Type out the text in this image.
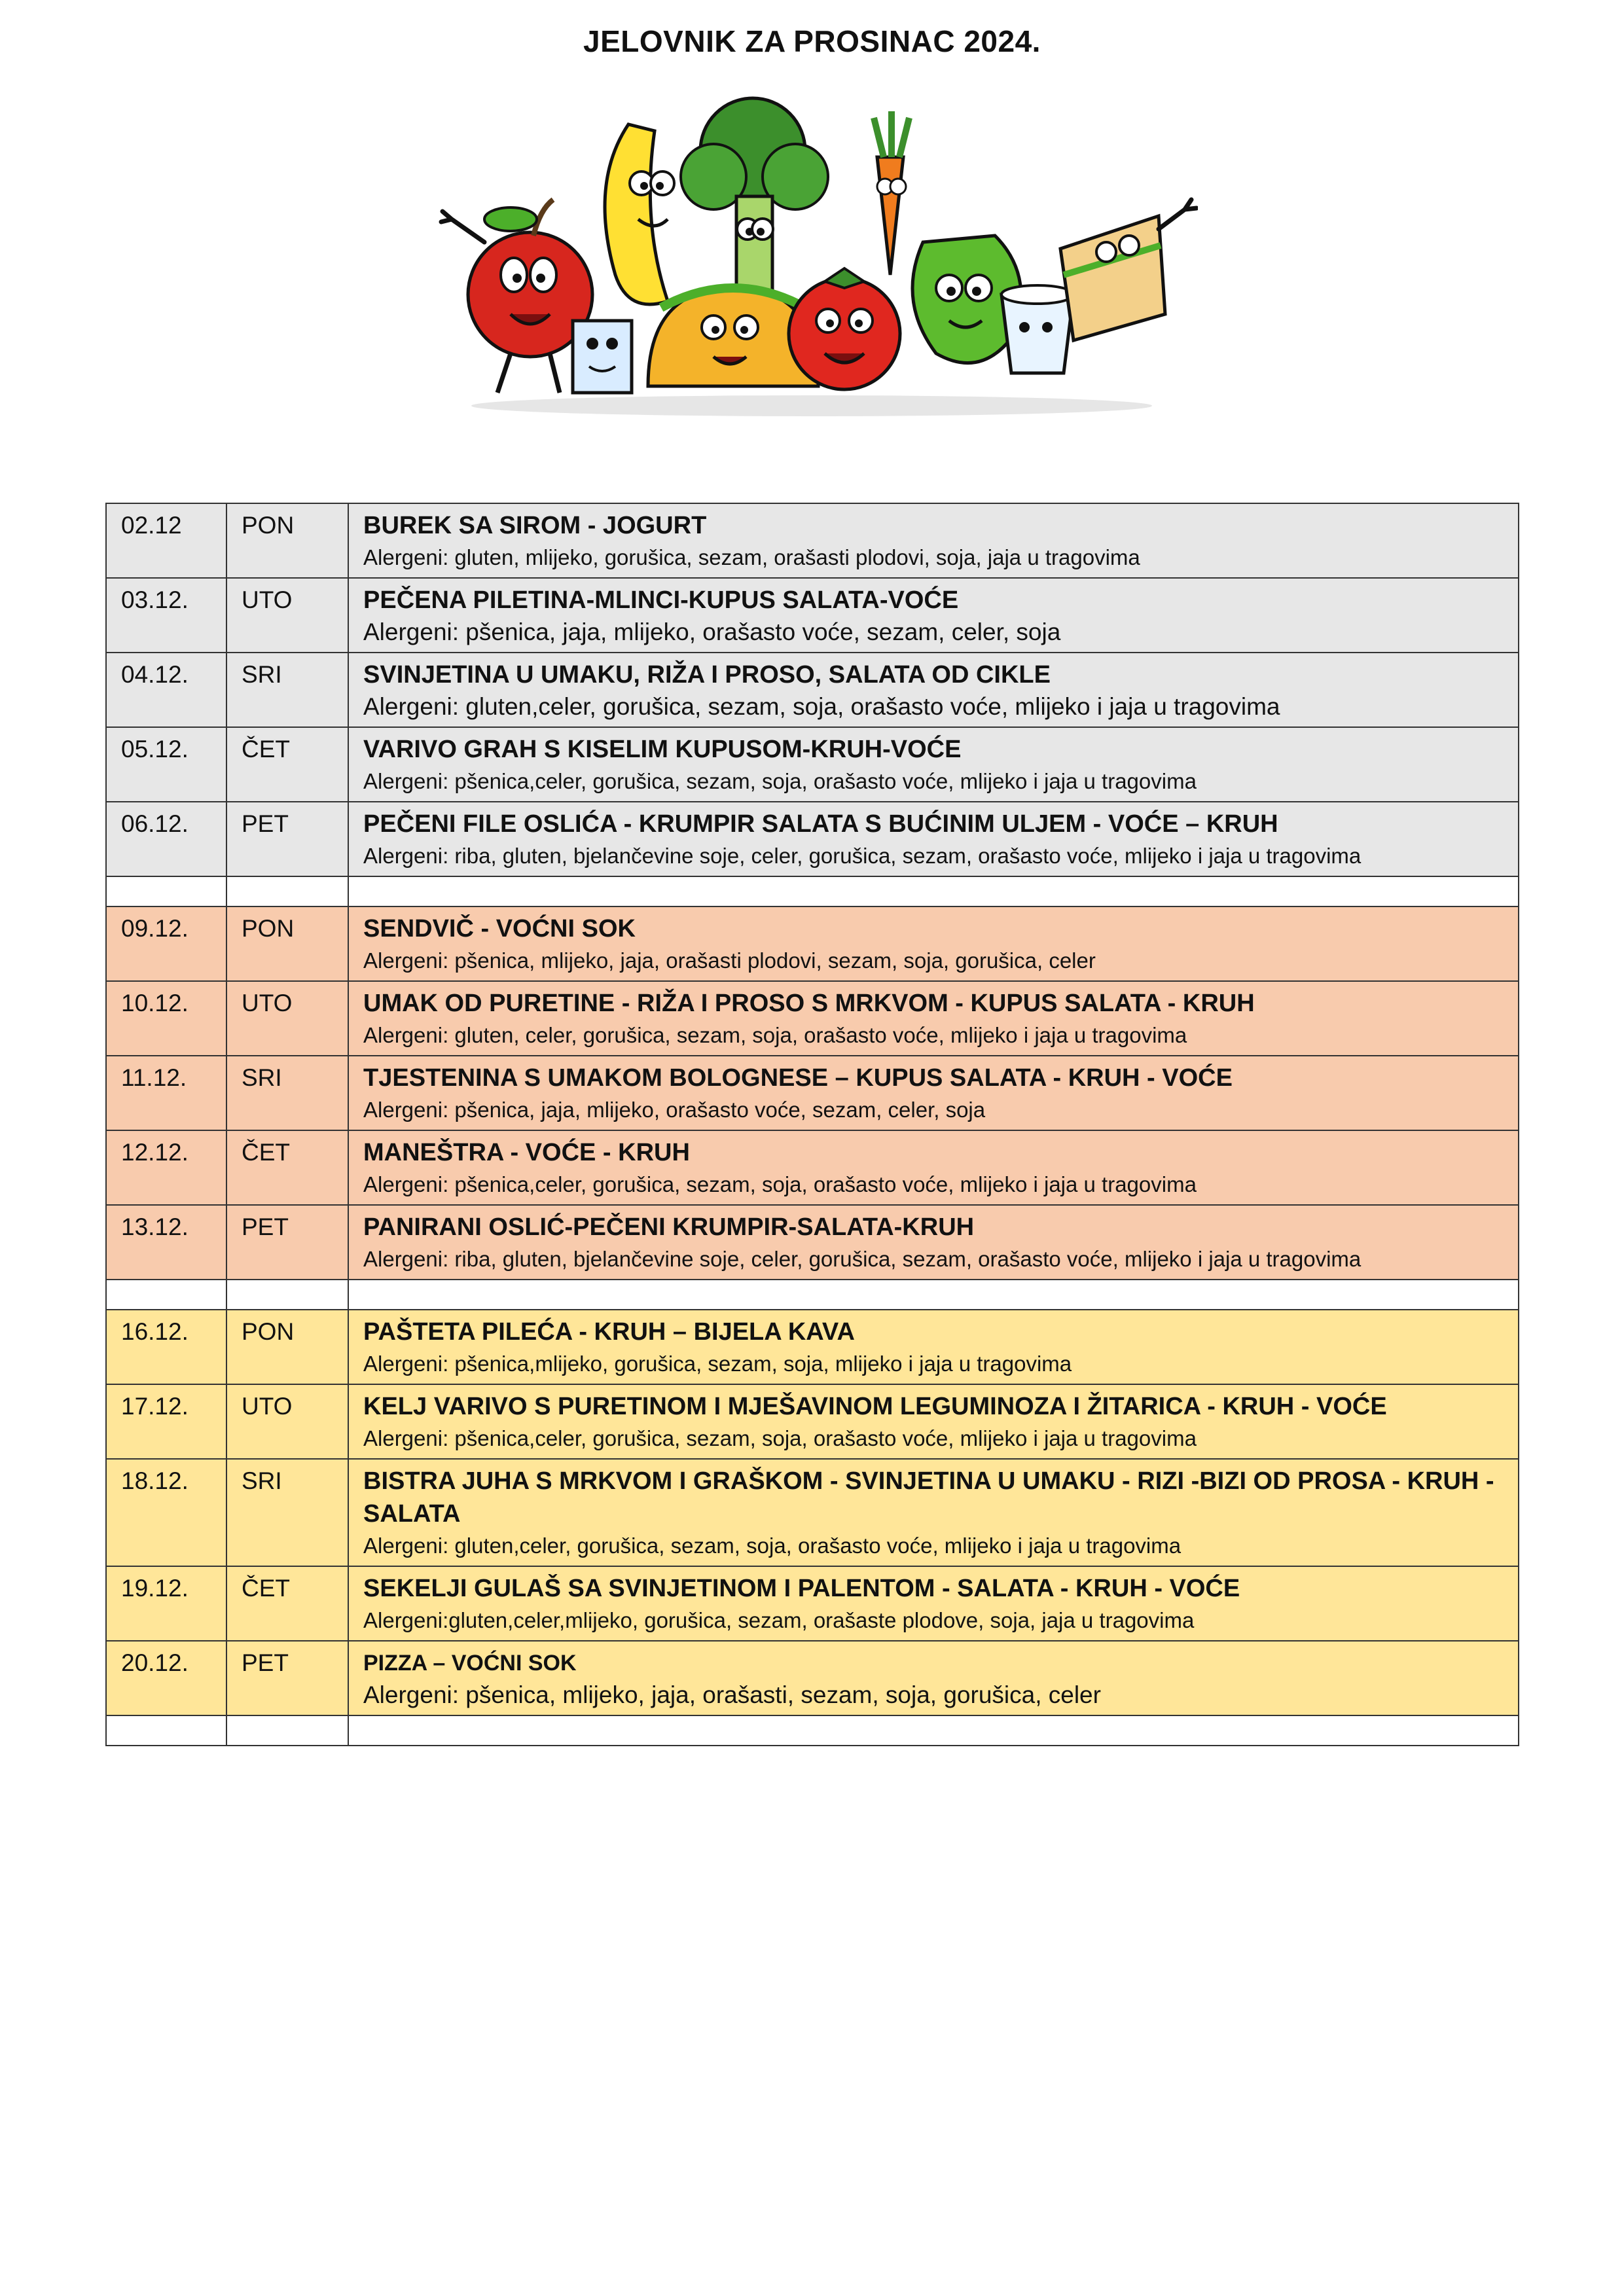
JELOVNIK ZA PROSINAC 2024.
02.12	PON	BUREK SA SIROM - JOGURT
Alergeni: gluten, mlijeko, gorušica, sezam, orašasti plodovi, soja, jaja u tragovima

03.12.	UTO	PEČENA PILETINA-MLINCI-KUPUS SALATA-VOĆE
Alergeni: pšenica, jaja, mlijeko, orašasto voće, sezam, celer, soja

04.12.	SRI	SVINJETINA U UMAKU, RIŽA I PROSO, SALATA OD CIKLE
Alergeni: gluten,celer, gorušica, sezam, soja, orašasto voće, mlijeko i jaja u tragovima

05.12.	ČET	VARIVO GRAH S KISELIM KUPUSOM-KRUH-VOĆE
Alergeni: pšenica,celer, gorušica, sezam, soja, orašasto voće, mlijeko i jaja u tragovima

06.12.	PET	PEČENI FILE OSLIĆA - KRUMPIR SALATA S BUĆINIM ULJEM - VOĆE – KRUH
Alergeni: riba, gluten, bjelančevine soje, celer, gorušica, sezam, orašasto voće, mlijeko i jaja u tragovima

09.12.	PON	SENDVIČ - VOĆNI SOK
Alergeni: pšenica, mlijeko, jaja, orašasti plodovi, sezam, soja, gorušica, celer

10.12.	UTO	UMAK OD PURETINE - RIŽA I PROSO S MRKVOM - KUPUS SALATA - KRUH
Alergeni: gluten, celer, gorušica, sezam, soja, orašasto voće, mlijeko i jaja u tragovima

11.12.	SRI	TJESTENINA S UMAKOM BOLOGNESE – KUPUS SALATA - KRUH - VOĆE
Alergeni: pšenica, jaja, mlijeko, orašasto voće, sezam, celer, soja

12.12.	ČET	MANEŠTRA - VOĆE - KRUH
Alergeni: pšenica,celer, gorušica, sezam, soja, orašasto voće, mlijeko i jaja u tragovima

13.12.	PET	PANIRANI OSLIĆ-PEČENI KRUMPIR-SALATA-KRUH
Alergeni: riba, gluten, bjelančevine soje, celer, gorušica, sezam, orašasto voće, mlijeko i jaja u tragovima

16.12.	PON	PAŠTETA PILEĆA - KRUH – BIJELA KAVA
Alergeni: pšenica,mlijeko, gorušica, sezam, soja, mlijeko i jaja u tragovima

17.12.	UTO	KELJ VARIVO S PURETINOM I MJEŠAVINOM LEGUMINOZA I ŽITARICA - KRUH - VOĆE
Alergeni: pšenica,celer, gorušica, sezam, soja, orašasto voće, mlijeko i jaja u tragovima

18.12.	SRI	BISTRA JUHA S MRKVOM I GRAŠKOM - SVINJETINA U UMAKU - RIZI -BIZI OD PROSA - KRUH - SALATA
Alergeni: gluten,celer, gorušica, sezam, soja, orašasto voće, mlijeko i jaja u tragovima

19.12.	ČET	SEKELJI GULAŠ SA SVINJETINOM I PALENTOM - SALATA - KRUH - VOĆE
Alergeni:gluten,celer,mlijeko, gorušica, sezam, orašaste plodove, soja, jaja u tragovima

20.12.	PET	PIZZA – VOĆNI SOK
Alergeni: pšenica, mlijeko, jaja, orašasti, sezam, soja, gorušica, celer
